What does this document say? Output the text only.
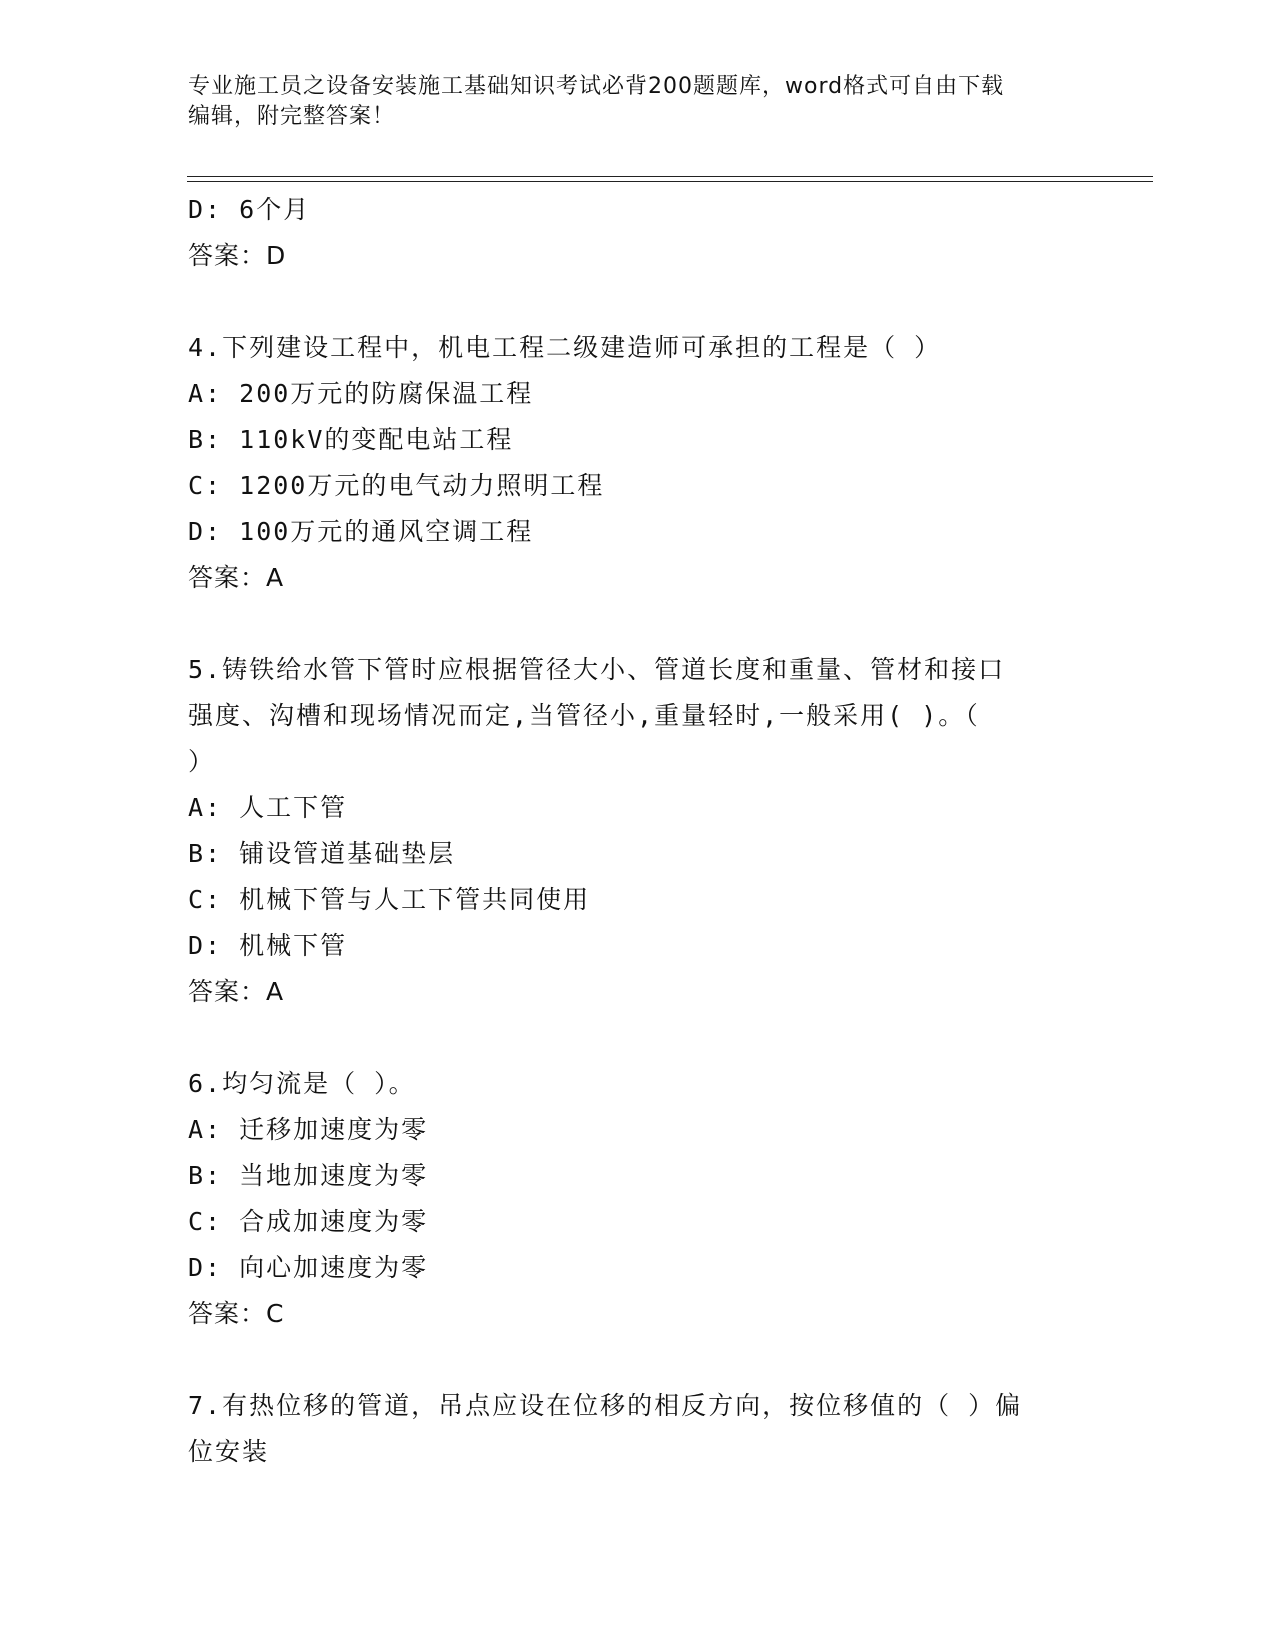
专业施工员之设备安装施工基础知识考试必背200题题库，word格式可自由下载
编辑，附完整答案！
D: 6个月
答案：D
4.下列建设工程中，机电工程二级建造师可承担的工程是（ ）
A: 200万元的防腐保温工程
B: 110kV的变配电站工程
C: 1200万元的电气动力照明工程
D: 100万元的通风空调工程
答案：A
5.铸铁给水管下管时应根据管径大小、管道长度和重量、管材和接口
强度、沟槽和现场情况而定,当管径小,重量轻时,一般采用( )。（
）
A: 人工下管
B: 铺设管道基础垫层
C: 机械下管与人工下管共同使用
D: 机械下管
答案：A
6.均匀流是（ ）。
A: 迁移加速度为零
B: 当地加速度为零
C: 合成加速度为零
D: 向心加速度为零
答案：C
7.有热位移的管道，吊点应设在位移的相反方向，按位移值的（ ）偏
位安装
